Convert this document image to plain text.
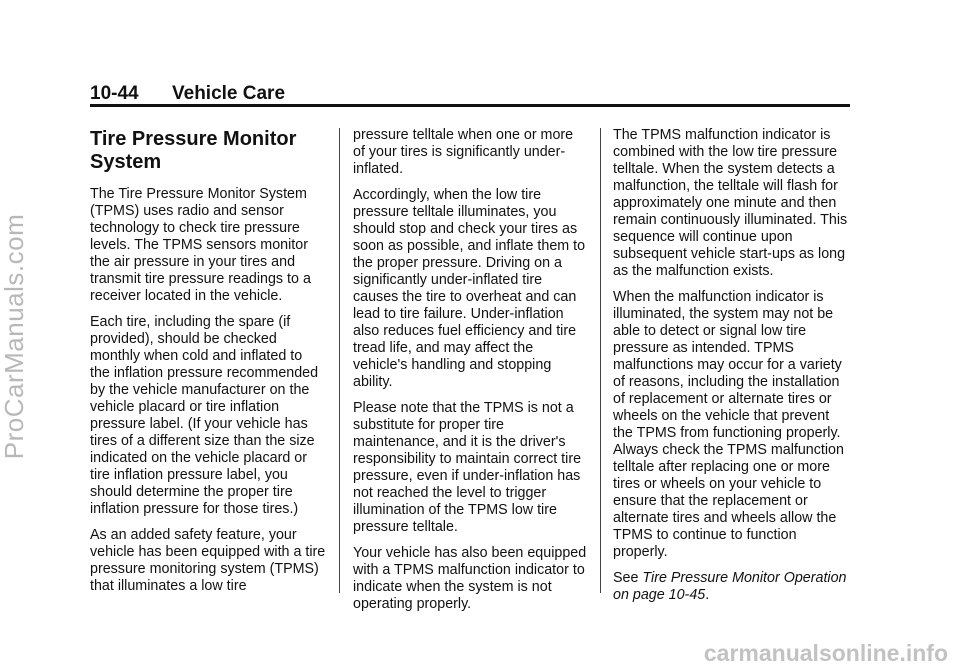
ProCarManuals.com
10-44 Vehicle Care
Tire Pressure Monitor
System

The Tire Pressure Monitor System (TPMS) uses radio and sensor technology to check tire pressure levels. The TPMS sensors monitor the air pressure in your tires and transmit tire pressure readings to a receiver located in the vehicle.

Each tire, including the spare (if provided), should be checked monthly when cold and inflated to the inflation pressure recommended by the vehicle manufacturer on the vehicle placard or tire inflation pressure label. (If your vehicle has tires of a different size than the size indicated on the vehicle placard or tire inflation pressure label, you should determine the proper tire inflation pressure for those tires.)

As an added safety feature, your vehicle has been equipped with a tire pressure monitoring system (TPMS) that illuminates a low tire

pressure telltale when one or more of your tires is significantly under-inflated.

Accordingly, when the low tire pressure telltale illuminates, you should stop and check your tires as soon as possible, and inflate them to the proper pressure. Driving on a significantly under-inflated tire causes the tire to overheat and can lead to tire failure. Under-inflation also reduces fuel efficiency and tire tread life, and may affect the vehicle's handling and stopping ability.

Please note that the TPMS is not a substitute for proper tire maintenance, and it is the driver's responsibility to maintain correct tire pressure, even if under-inflation has not reached the level to trigger illumination of the TPMS low tire pressure telltale.

Your vehicle has also been equipped with a TPMS malfunction indicator to indicate when the system is not operating properly.

The TPMS malfunction indicator is combined with the low tire pressure telltale. When the system detects a malfunction, the telltale will flash for approximately one minute and then remain continuously illuminated. This sequence will continue upon subsequent vehicle start-ups as long as the malfunction exists.

When the malfunction indicator is illuminated, the system may not be able to detect or signal low tire pressure as intended. TPMS malfunctions may occur for a variety of reasons, including the installation of replacement or alternate tires or wheels on the vehicle that prevent the TPMS from functioning properly. Always check the TPMS malfunction telltale after replacing one or more tires or wheels on your vehicle to ensure that the replacement or alternate tires and wheels allow the TPMS to continue to function properly.

See Tire Pressure Monitor Operation on page 10-45.

carmanualsonline.info
